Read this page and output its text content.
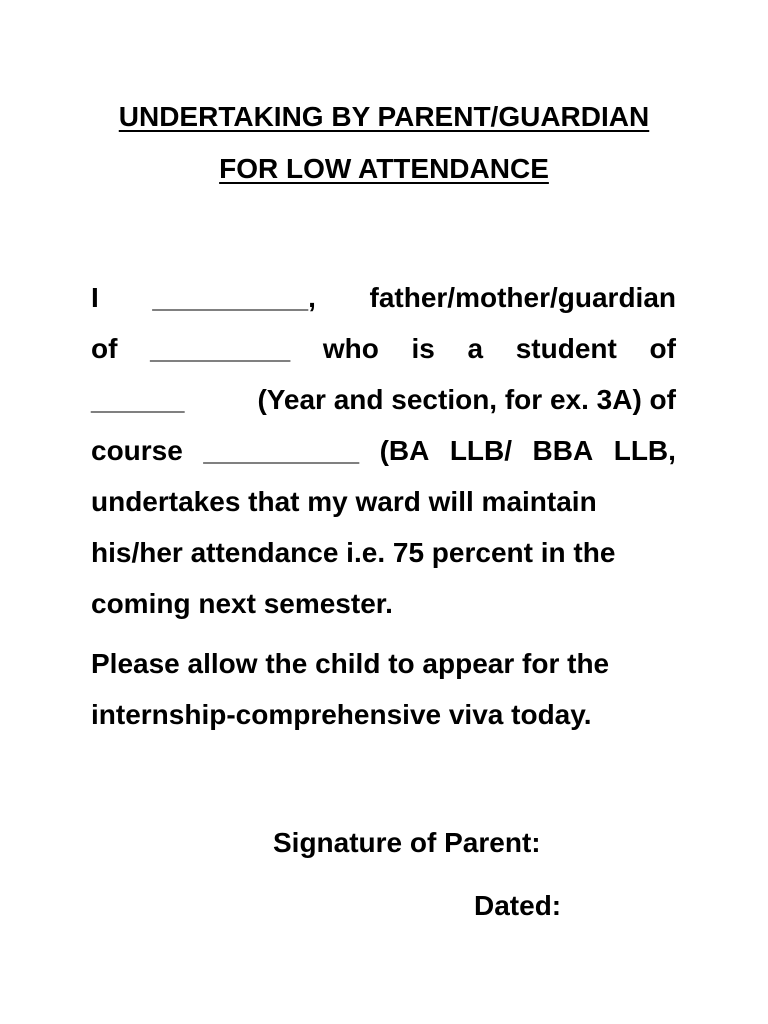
UNDERTAKING BY PARENT/GUARDIAN
FOR LOW ATTENDANCE
I __________, father/mother/guardian
of _________ who is a student of
______	(Year and section, for ex. 3A) of
course __________ (BA LLB/ BBA LLB,
undertakes that my ward will maintain
his/her attendance i.e. 75 percent in the
coming next semester.
Please allow the child to appear for the
internship-comprehensive viva today.
Signature of Parent:
Dated:
